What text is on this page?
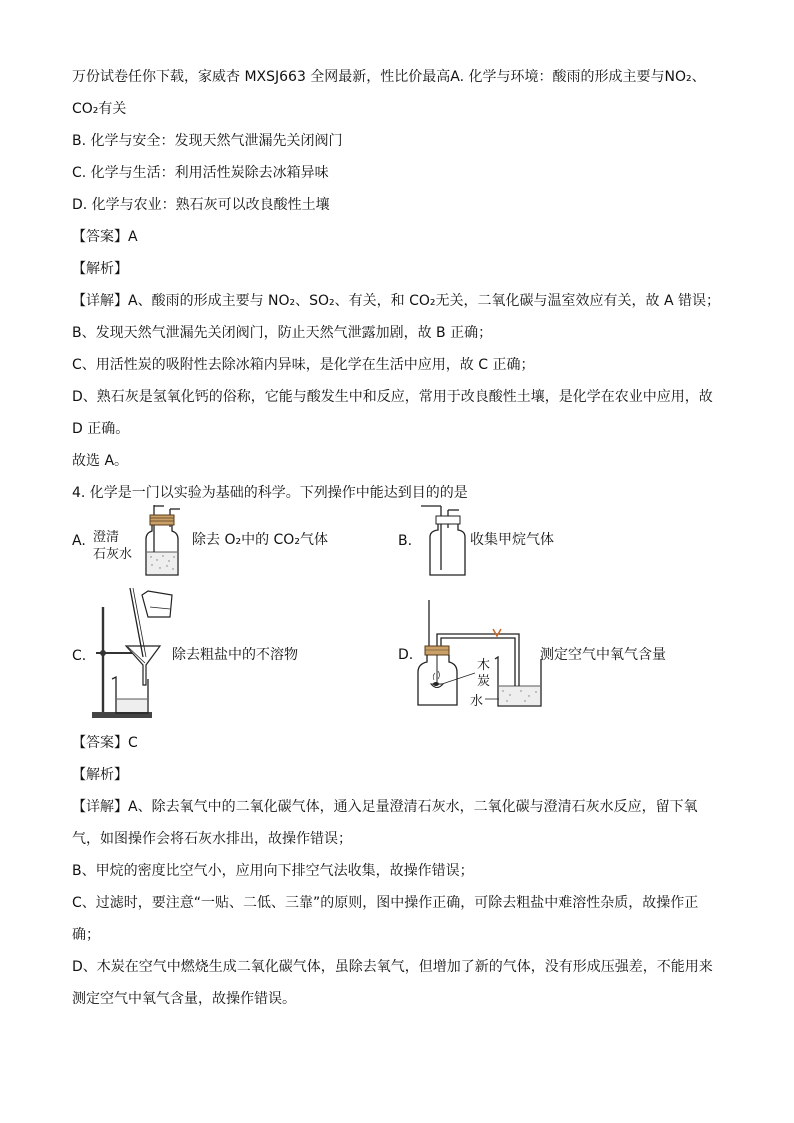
万份试卷任你下载，家威杏 MXSJ663 全网最新，性比价最高A. 化学与环境：酸雨的形成主要与NO₂、
CO₂有关
B. 化学与安全：发现天然气泄漏先关闭阀门
C. 化学与生活：利用活性炭除去冰箱异味
D. 化学与农业：熟石灰可以改良酸性土壤
【答案】A
【解析】
【详解】A、酸雨的形成主要与 NO₂、SO₂、有关，和 CO₂无关，二氧化碳与温室效应有关，故 A 错误；
B、发现天然气泄漏先关闭阀门，防止天然气泄露加剧，故 B 正确；
C、用活性炭的吸附性去除冰箱内异味，是化学在生活中应用，故 C 正确；
D、熟石灰是氢氧化钙的俗称，它能与酸发生中和反应，常用于改良酸性土壤，是化学在农业中应用，故
D 正确。
故选 A。
4. 化学是一门以实验为基础的科学。下列操作中能达到目的的是
A. 澄清
石灰水
除去 O₂中的 CO₂气体	B.	收集甲烷气体
C.	除去粗盐中的不溶物	D.
木
炭
水
测定空气中氧气含量
【答案】C
【解析】
【详解】A、除去氧气中的二氧化碳气体，通入足量澄清石灰水，二氧化碳与澄清石灰水反应，留下氧
气，如图操作会将石灰水排出，故操作错误；
B、甲烷的密度比空气小，应用向下排空气法收集，故操作错误；
C、过滤时，要注意“一贴、二低、三靠”的原则，图中操作正确，可除去粗盐中难溶性杂质，故操作正
确；
D、木炭在空气中燃烧生成二氧化碳气体，虽除去氧气，但增加了新的气体，没有形成压强差，不能用来
测定空气中氧气含量，故操作错误。
